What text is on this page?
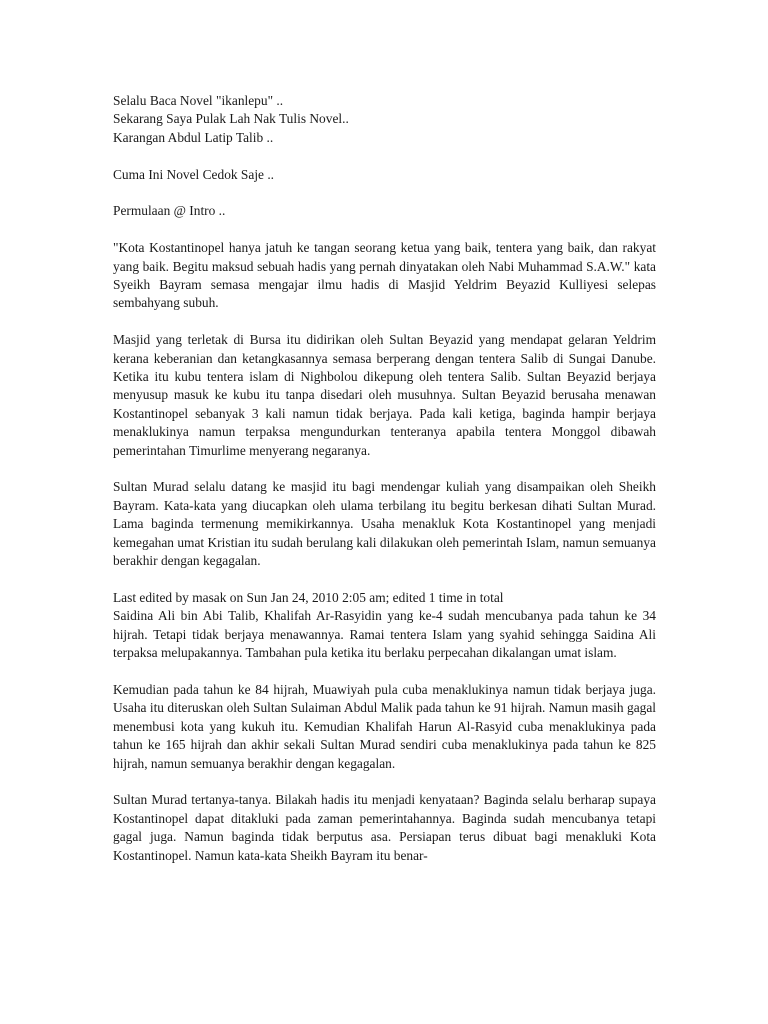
Selalu Baca Novel "ikanlepu" ..
Sekarang Saya Pulak Lah Nak Tulis Novel..
Karangan Abdul Latip Talib ..

Cuma Ini Novel Cedok Saje ..

Permulaan @ Intro ..

"Kota Kostantinopel hanya jatuh ke tangan seorang ketua yang baik, tentera yang baik, dan rakyat yang baik. Begitu maksud sebuah hadis yang pernah dinyatakan oleh Nabi Muhammad S.A.W." kata Syeikh Bayram semasa mengajar ilmu hadis di Masjid Yeldrim Beyazid Kulliyesi selepas sembahyang subuh.

Masjid yang terletak di Bursa itu didirikan oleh Sultan Beyazid yang mendapat gelaran Yeldrim kerana keberanian dan ketangkasannya semasa berperang dengan tentera Salib di Sungai Danube. Ketika itu kubu tentera islam di Nighbolou dikepung oleh tentera Salib. Sultan Beyazid berjaya menyusup masuk ke kubu itu tanpa disedari oleh musuhnya. Sultan Beyazid berusaha menawan Kostantinopel sebanyak 3 kali namun tidak berjaya. Pada kali ketiga, baginda hampir berjaya menaklukinya namun terpaksa mengundurkan tenteranya apabila tentera Monggol dibawah pemerintahan Timurlime menyerang negaranya.

Sultan Murad selalu datang ke masjid itu bagi mendengar kuliah yang disampaikan oleh Sheikh Bayram. Kata-kata yang diucapkan oleh ulama terbilang itu begitu berkesan dihati Sultan Murad. Lama baginda termenung memikirkannya. Usaha menakluk Kota Kostantinopel yang menjadi kemegahan umat Kristian itu sudah berulang kali dilakukan oleh pemerintah Islam, namun semuanya berakhir dengan kegagalan.

Last edited by masak on Sun Jan 24, 2010 2:05 am; edited 1 time in total

Saidina Ali bin Abi Talib, Khalifah Ar-Rasyidin yang ke-4 sudah mencubanya pada tahun ke 34 hijrah. Tetapi tidak berjaya menawannya. Ramai tentera Islam yang syahid sehingga Saidina Ali terpaksa melupakannya. Tambahan pula ketika itu berlaku perpecahan dikalangan umat islam.

Kemudian pada tahun ke 84 hijrah, Muawiyah pula cuba menaklukinya namun tidak berjaya juga. Usaha itu diteruskan oleh Sultan Sulaiman Abdul Malik pada tahun ke 91 hijrah. Namun masih gagal menembusi kota yang kukuh itu. Kemudian Khalifah Harun Al-Rasyid cuba menaklukinya pada tahun ke 165 hijrah dan akhir sekali Sultan Murad sendiri cuba menaklukinya pada tahun ke 825 hijrah, namun semuanya berakhir dengan kegagalan.

Sultan Murad tertanya-tanya. Bilakah hadis itu menjadi kenyataan? Baginda selalu berharap supaya Kostantinopel dapat ditakluki pada zaman pemerintahannya. Baginda sudah mencubanya tetapi gagal juga. Namun baginda tidak berputus asa. Persiapan terus dibuat bagi menakluki Kota Kostantinopel. Namun kata-kata Sheikh Bayram itu benar-
